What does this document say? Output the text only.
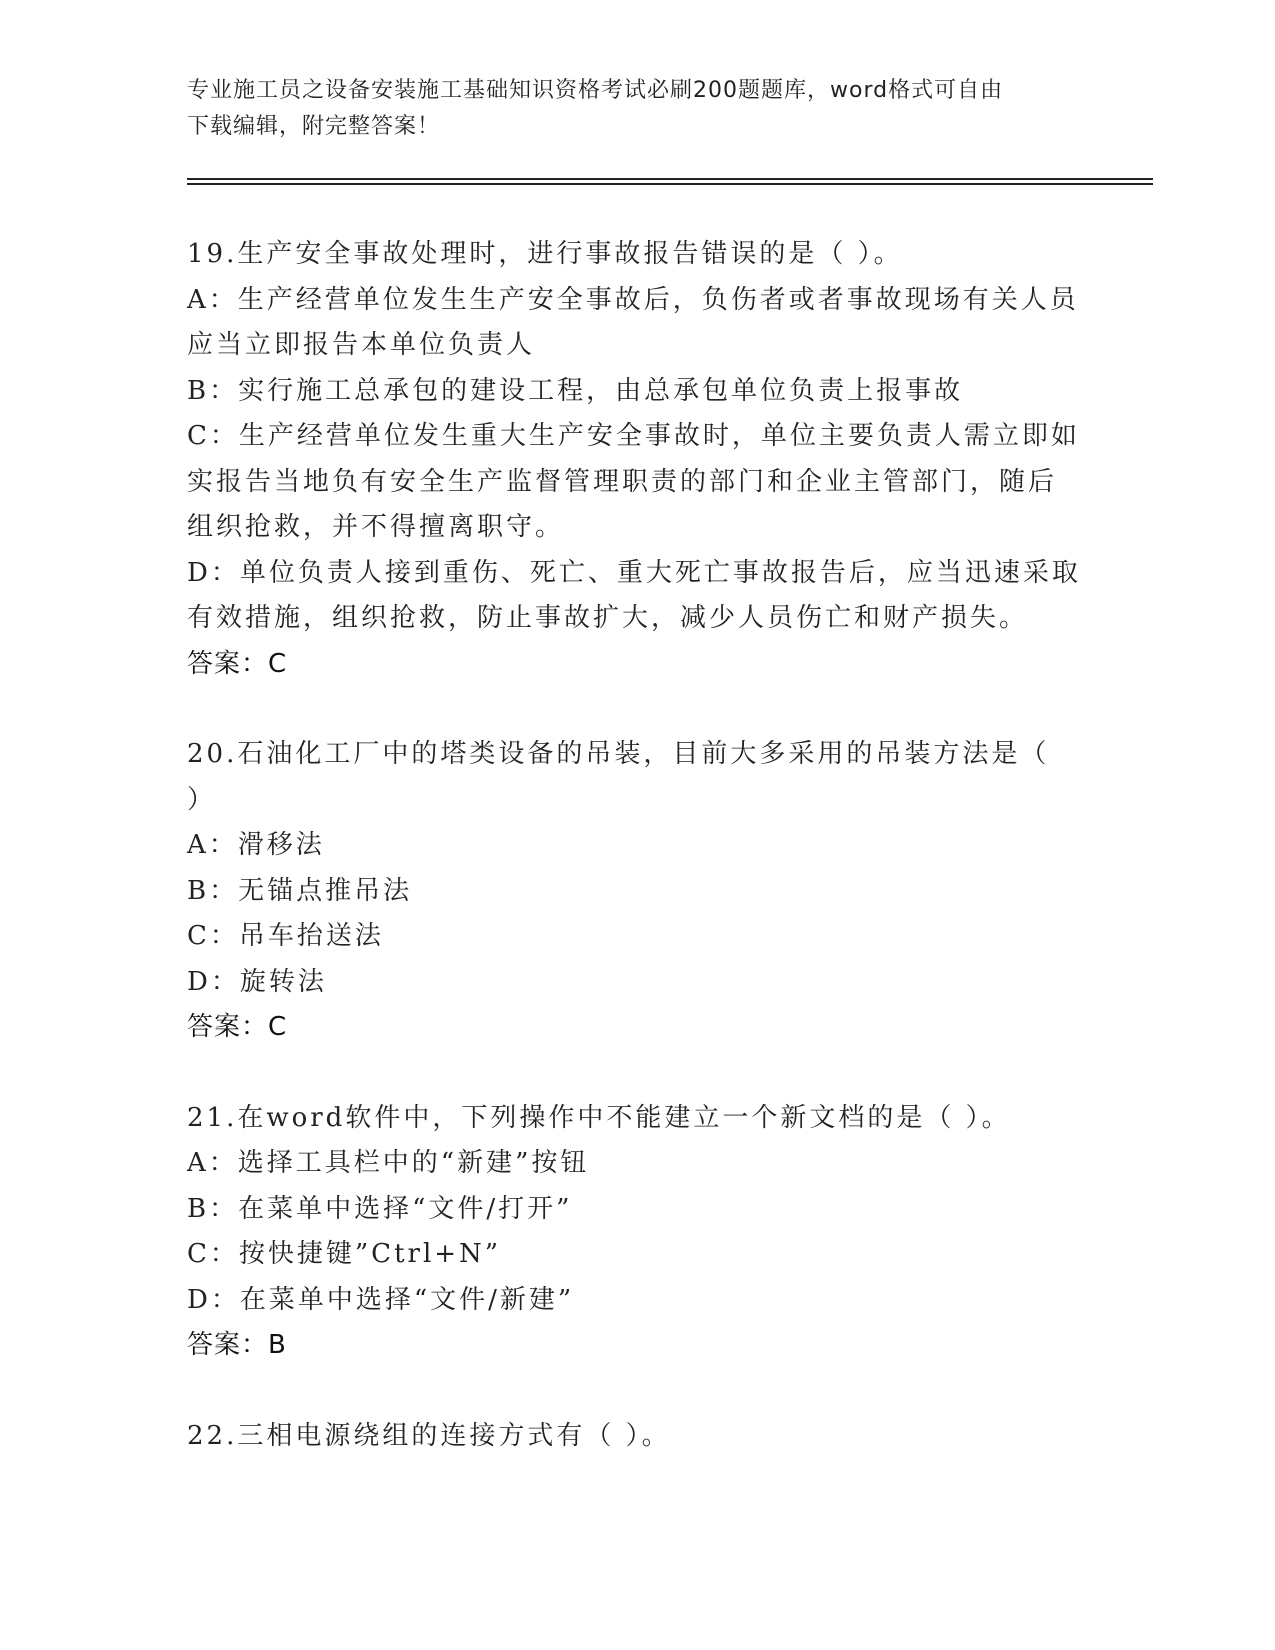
专业施工员之设备安装施工基础知识资格考试必刷200题题库，word格式可自由
下载编辑，附完整答案！
19.生产安全事故处理时，进行事故报告错误的是（ ）。
A：生产经营单位发生生产安全事故后，负伤者或者事故现场有关人员
应当立即报告本单位负责人
B：实行施工总承包的建设工程，由总承包单位负责上报事故
C：生产经营单位发生重大生产安全事故时，单位主要负责人需立即如
实报告当地负有安全生产监督管理职责的部门和企业主管部门，随后
组织抢救，并不得擅离职守。
D：单位负责人接到重伤、死亡、重大死亡事故报告后，应当迅速采取
有效措施，组织抢救，防止事故扩大，减少人员伤亡和财产损失。
答案：C
20.石油化工厂中的塔类设备的吊装，目前大多采用的吊装方法是（
）
A：滑移法
B：无锚点推吊法
C：吊车抬送法
D：旋转法
答案：C
21.在word软件中，下列操作中不能建立一个新文档的是（ ）。
A：选择工具栏中的“新建”按钮
B：在菜单中选择“文件/打开”
C：按快捷键”Ctrl+N”
D：在菜单中选择“文件/新建”
答案：B
22.三相电源绕组的连接方式有（ ）。
